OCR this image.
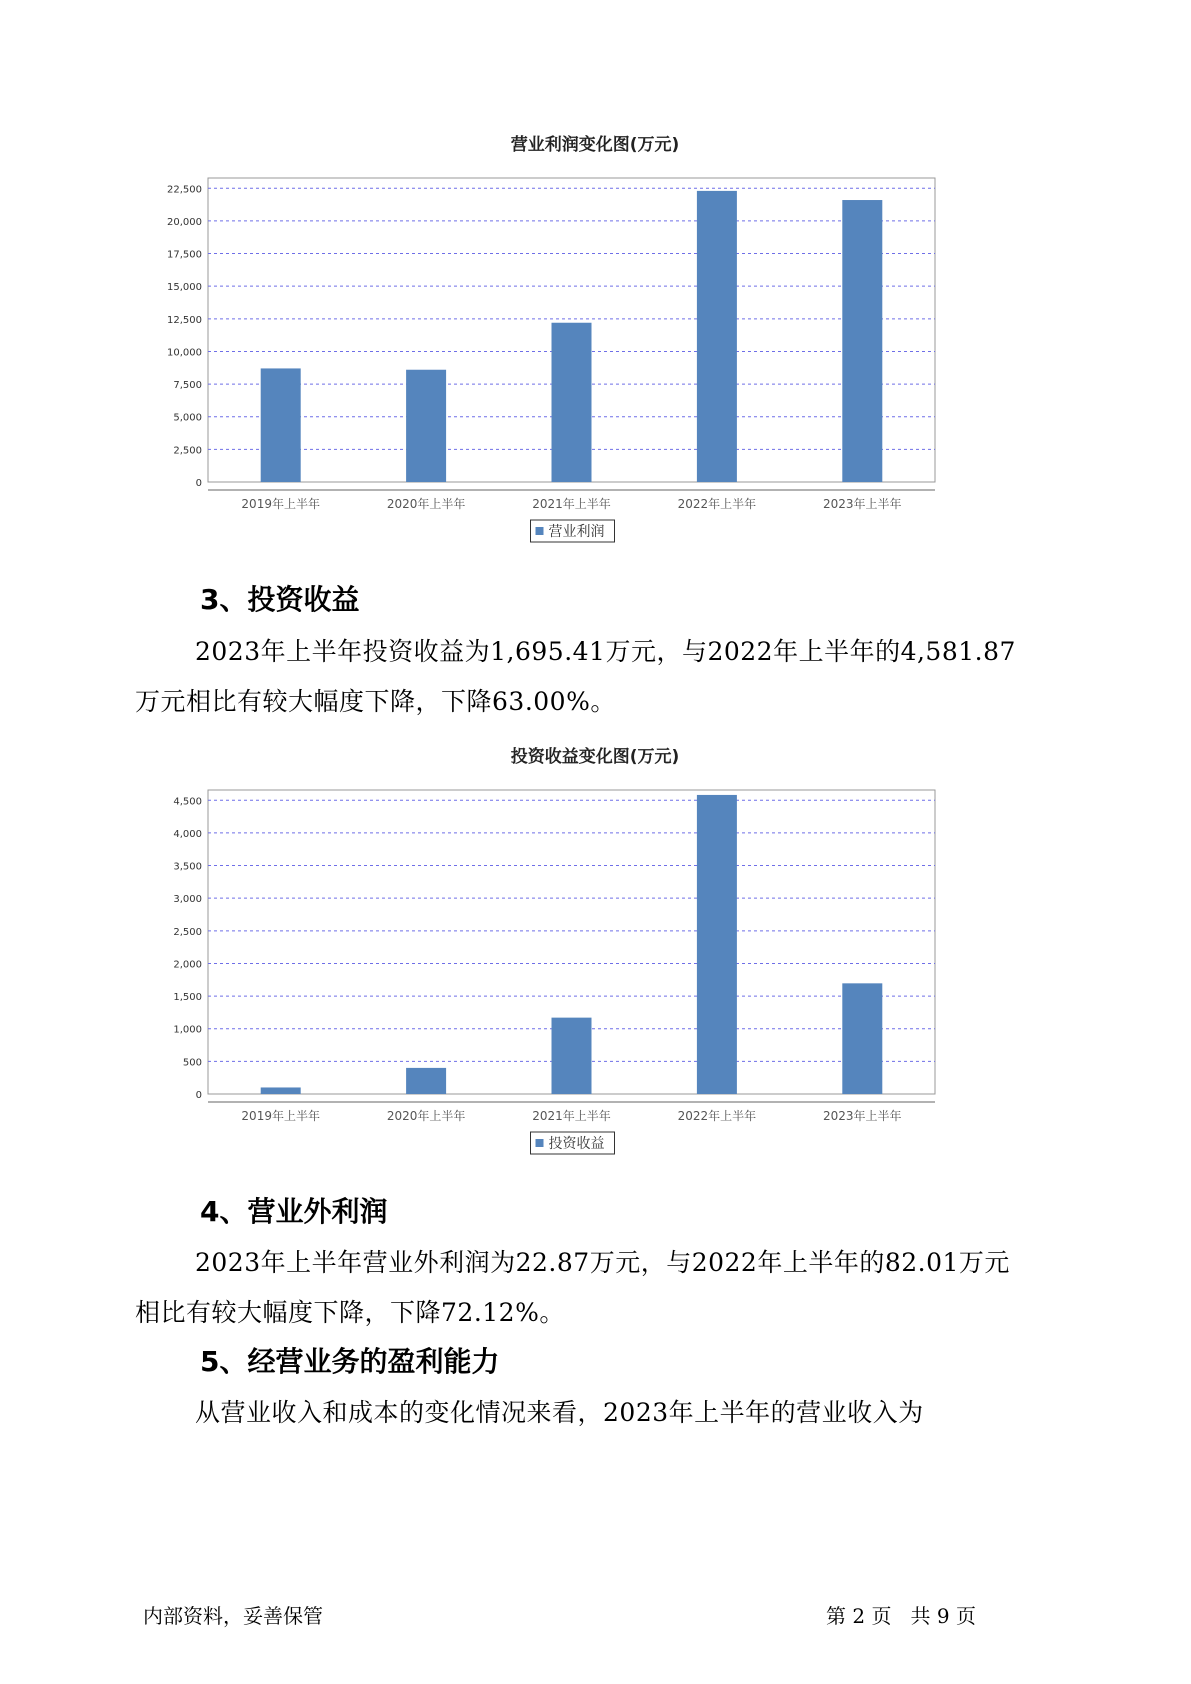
营业利润变化图(万元)
0
2,500
5,000
7,500
10,000
12,500
15,000
17,500
20,000
22,500
2019年上半年	2020年上半年	2021年上半年	2022年上半年	2023年上半年
营业利润
3、投资收益
2023年上半年投资收益为1,695.41万元，与2022年上半年的4,581.87
万元相比有较大幅度下降，下降63.00%。
投资收益变化图(万元)
0
500
1,000
1,500
2,000
2,500
3,000
3,500
4,000
4,500
2019年上半年	2020年上半年	2021年上半年	2022年上半年	2023年上半年
投资收益
4、营业外利润
2023年上半年营业外利润为22.87万元，与2022年上半年的82.01万元
相比有较大幅度下降，下降72.12%。
5、经营业务的盈利能力
从营业收入和成本的变化情况来看，2023年上半年的营业收入为
内部资料，妥善保管	第 2 页   共 9 页
